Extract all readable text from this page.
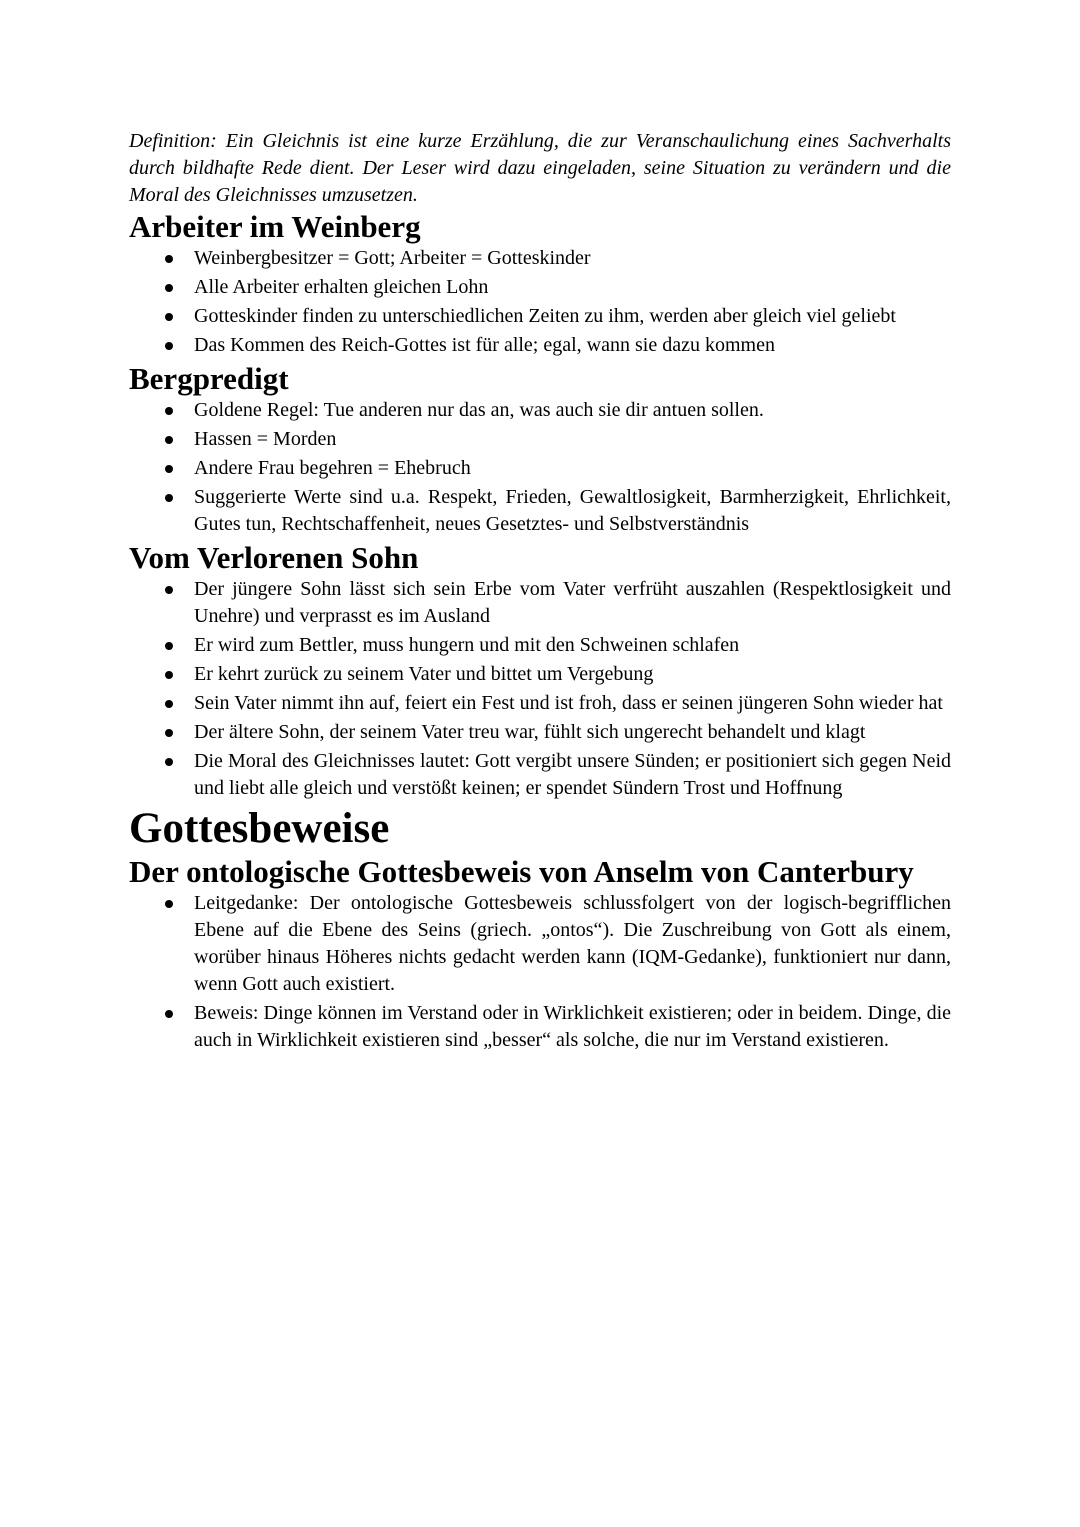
Definition: Ein Gleichnis ist eine kurze Erzählung, die zur Veranschaulichung eines Sachverhalts durch bildhafte Rede dient. Der Leser wird dazu eingeladen, seine Situation zu verändern und die Moral des Gleichnisses umzusetzen.

Arbeiter im Weinberg
Weinbergbesitzer = Gott; Arbeiter = Gotteskinder
Alle Arbeiter erhalten gleichen Lohn
Gotteskinder finden zu unterschiedlichen Zeiten zu ihm, werden aber gleich viel geliebt
Das Kommen des Reich-Gottes ist für alle; egal, wann sie dazu kommen
Bergpredigt
Goldene Regel: Tue anderen nur das an, was auch sie dir antuen sollen.
Hassen = Morden
Andere Frau begehren = Ehebruch
Suggerierte Werte sind u.a. Respekt, Frieden, Gewaltlosigkeit, Barmherzigkeit, Ehrlichkeit, Gutes tun, Rechtschaffenheit, neues Gesetztes- und Selbstverständnis
Vom Verlorenen Sohn
Der jüngere Sohn lässt sich sein Erbe vom Vater verfrüht auszahlen (Respektlosigkeit und Unehre) und verprasst es im Ausland
Er wird zum Bettler, muss hungern und mit den Schweinen schlafen
Er kehrt zurück zu seinem Vater und bittet um Vergebung
Sein Vater nimmt ihn auf, feiert ein Fest und ist froh, dass er seinen jüngeren Sohn wieder hat
Der ältere Sohn, der seinem Vater treu war, fühlt sich ungerecht behandelt und klagt
Die Moral des Gleichnisses lautet: Gott vergibt unsere Sünden; er positioniert sich gegen Neid und liebt alle gleich und verstößt keinen; er spendet Sündern Trost und Hoffnung
Gottesbeweise
Der ontologische Gottesbeweis von Anselm von Canterbury
Leitgedanke: Der ontologische Gottesbeweis schlussfolgert von der logisch-begrifflichen Ebene auf die Ebene des Seins (griech. „ontos“). Die Zuschreibung von Gott als einem, worüber hinaus Höheres nichts gedacht werden kann (IQM-Gedanke), funktioniert nur dann, wenn Gott auch existiert.
Beweis: Dinge können im Verstand oder in Wirklichkeit existieren; oder in beidem. Dinge, die auch in Wirklichkeit existieren sind „besser“ als solche, die nur im Verstand existieren.
